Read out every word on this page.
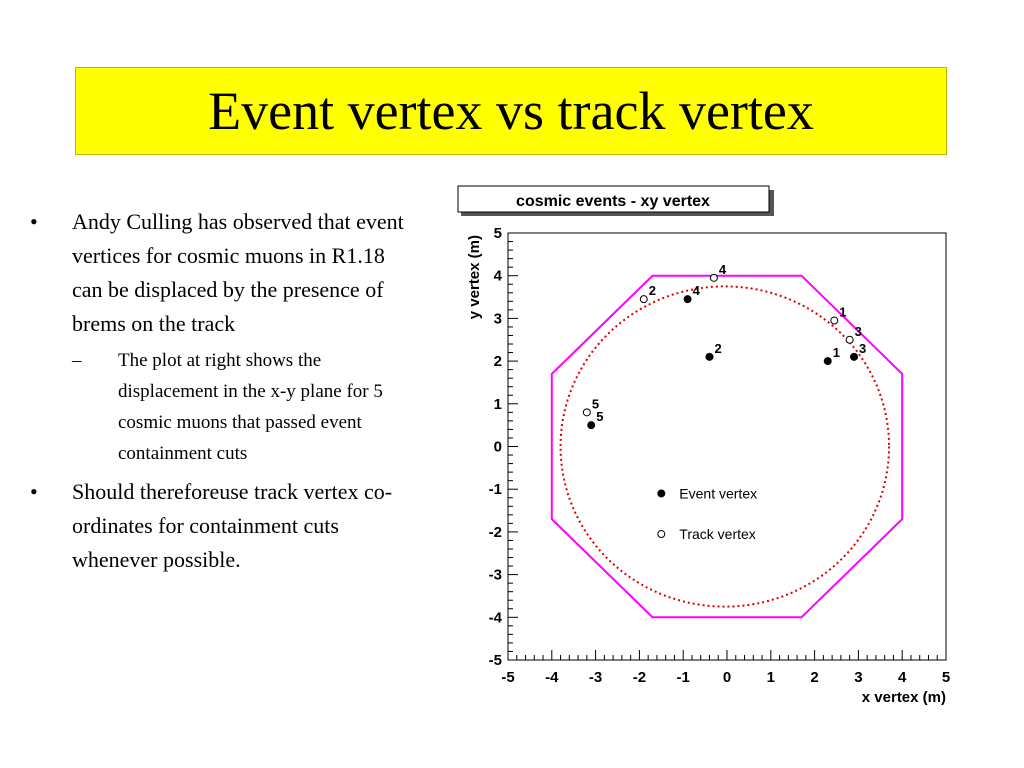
Event vertex vs track vertex
•	Andy Culling has observed that event vertices for cosmic muons in R1.18 can be displaced by the presence of brems on the track
–	The plot at right shows the displacement in the x-y plane for 5 cosmic muons that passed event containment cuts
•	Should thereforeuse track vertex co-ordinates for containment cuts whenever possible.
cosmic events - xy vertex
-5 -4 -3 -2 -1 0 1 2 3 4 5
-5
-4
-3
-2
-1
0
1
2
3
4
5
x vertex (m)
y vertex (m)
1
2	3
4
5
1
2
3
4
5
Event vertex
Track vertex
